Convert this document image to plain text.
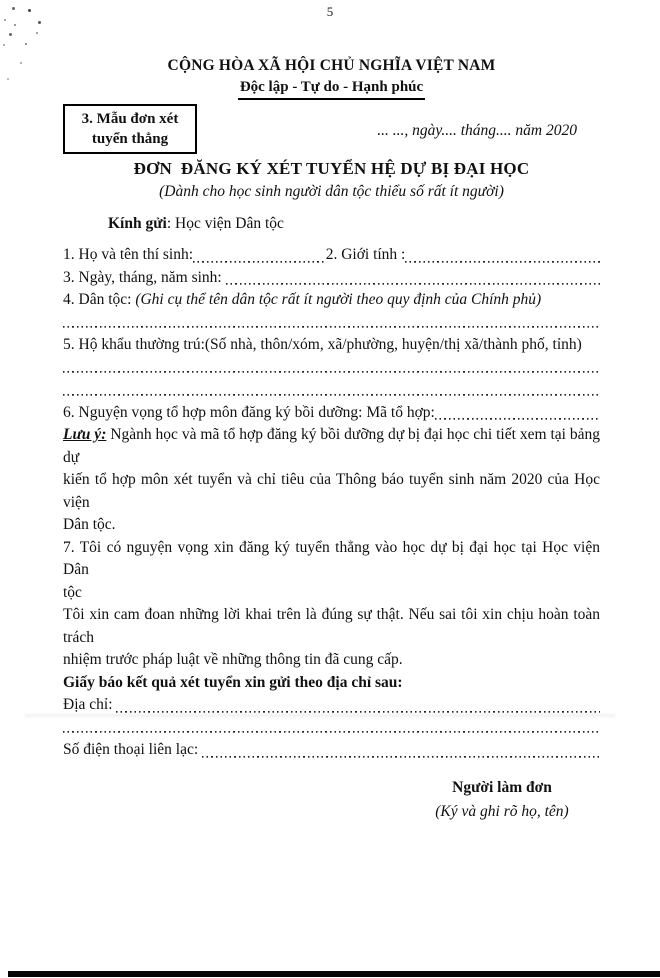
5
CỘNG HÒA XÃ HỘI CHỦ NGHĨA VIỆT NAM
Độc lập - Tự do - Hạnh phúc
3. Mẫu đơn xét
tuyển thẳng	... ..., ngày.... tháng.... năm 2020
ĐƠN  ĐĂNG KÝ XÉT TUYỂN HỆ DỰ BỊ ĐẠI HỌC
(Dành cho học sinh người dân tộc thiểu số rất ít người)
Kính gửi: Học viện Dân tộc
1. Họ và tên thí sinh:	2. Giới tính :
3. Ngày, tháng, năm sinh:
4. Dân tộc: (Ghi cụ thể tên dân tộc rất ít người theo quy định của Chính phủ)
5. Hộ khẩu thường trú:(Số nhà, thôn/xóm, xã/phường, huyện/thị xã/thành phố, tỉnh)
6. Nguyện vọng tổ hợp môn đăng ký bồi dưỡng: Mã tổ hợp:
Lưu ý: Ngành học và mã tổ hợp đăng ký bồi dưỡng dự bị đại học chi tiết xem tại bảng dự
kiến tổ hợp môn xét tuyển và chỉ tiêu của Thông báo tuyển sinh năm 2020 của Học viện
Dân tộc.
7. Tôi có nguyện vọng xin đăng ký tuyển thẳng vào học dự bị đại học tại Học viện Dân
tộc
Tôi xin cam đoan những lời khai trên là đúng sự thật. Nếu sai tôi xin chịu hoàn toàn trách
nhiệm trước pháp luật về những thông tin đã cung cấp.
Giấy báo kết quả xét tuyển xin gửi theo địa chỉ sau:
Địa chỉ:
Số điện thoại liên lạc:
Người làm đơn
(Ký và ghi rõ họ, tên)
